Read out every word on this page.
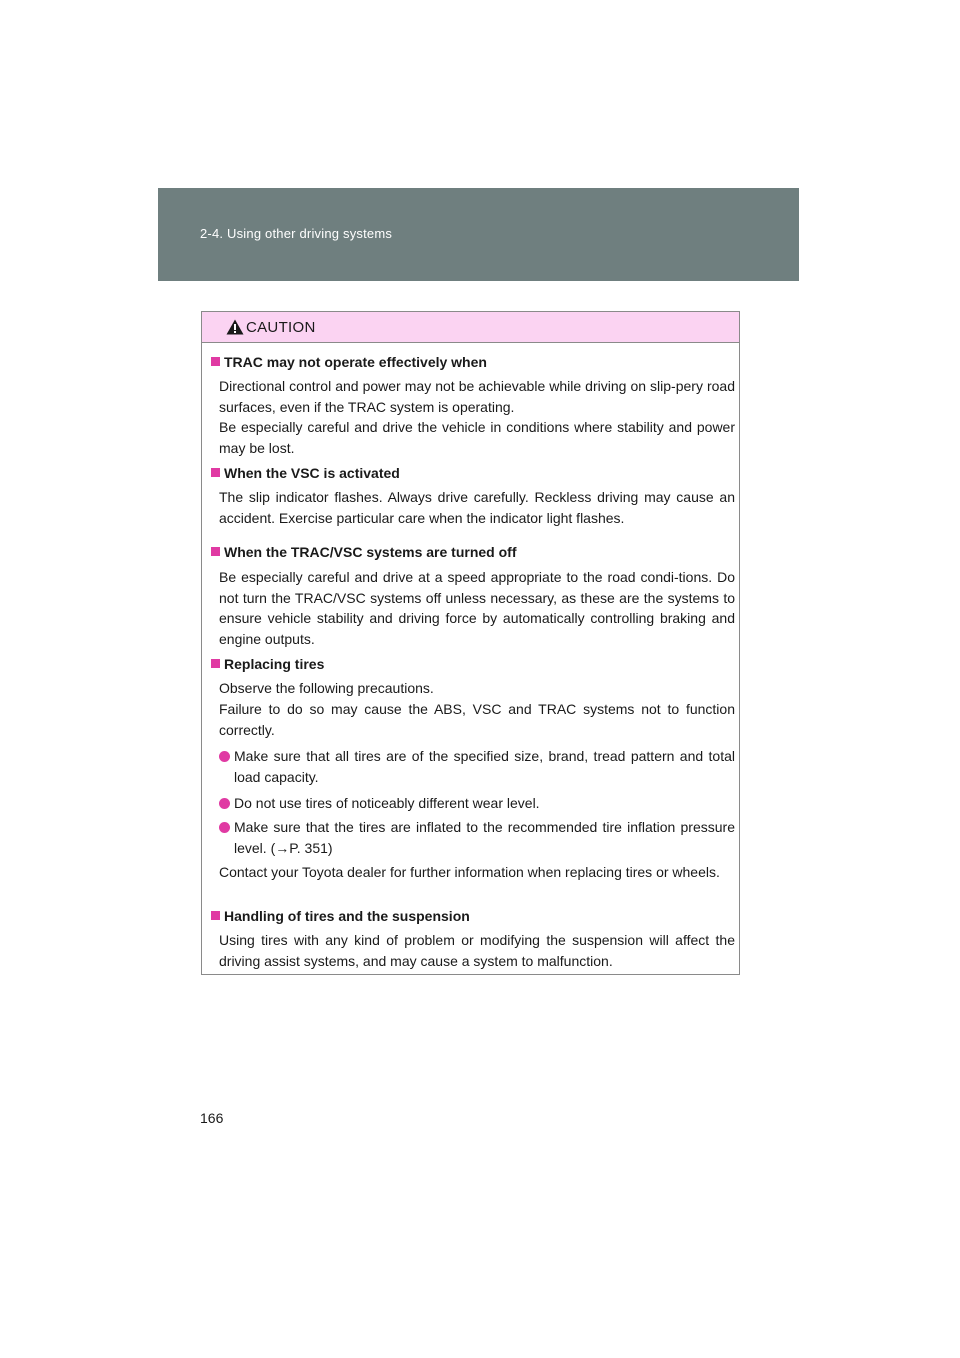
2-4. Using other driving systems
CAUTION
TRAC may not operate effectively when
Directional control and power may not be achievable while driving on slip-pery road surfaces, even if the TRAC system is operating.
Be especially careful and drive the vehicle in conditions where stability and power may be lost.
When the VSC is activated
The slip indicator flashes. Always drive carefully. Reckless driving may cause an accident. Exercise particular care when the indicator light flashes.
When the TRAC/VSC systems are turned off
Be especially careful and drive at a speed appropriate to the road condi-tions. Do not turn the TRAC/VSC systems off unless necessary, as these are the systems to ensure vehicle stability and driving force by automatically controlling braking and engine outputs.
Replacing tires
Observe the following precautions.
Failure to do so may cause the ABS, VSC and TRAC systems not to function correctly.
Make sure that all tires are of the specified size, brand, tread pattern and total load capacity.
Do not use tires of noticeably different wear level.
Make sure that the tires are inflated to the recommended tire inflation pressure level. (→P. 351)
Contact your Toyota dealer for further information when replacing tires or wheels.
Handling of tires and the suspension
Using tires with any kind of problem or modifying the suspension will affect the driving assist systems, and may cause a system to malfunction.
166
